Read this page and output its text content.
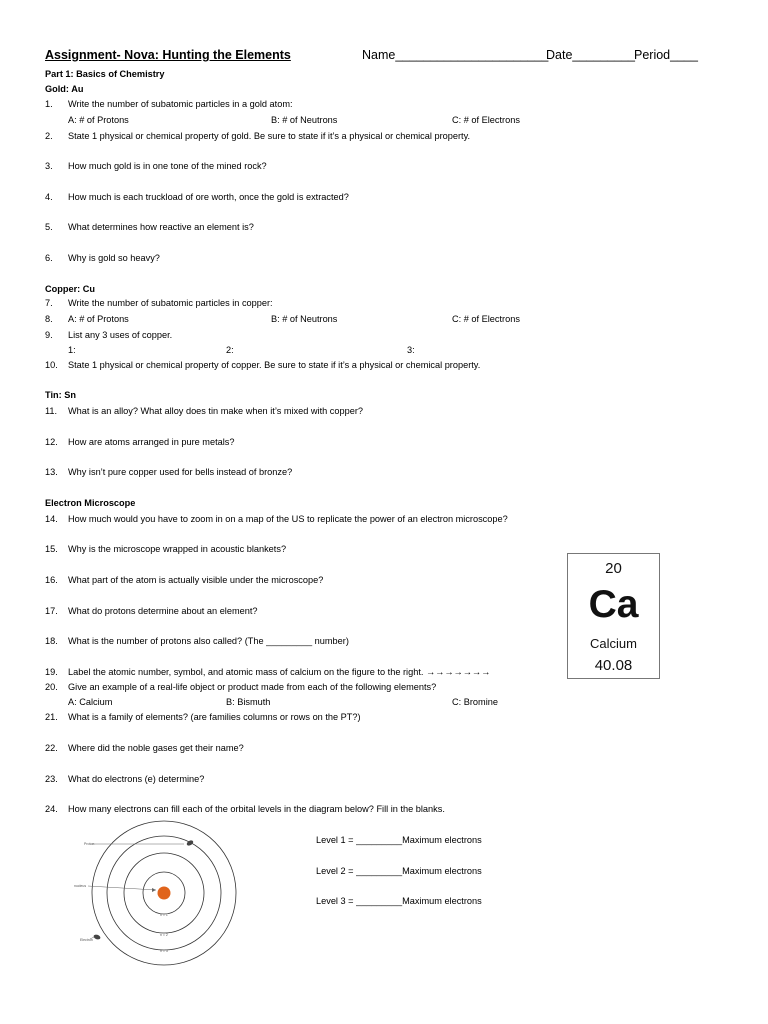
Assignment- Nova: Hunting the Elements	Name______________________
Date_________ Period____
Part 1: Basics of Chemistry
Gold: Au
1. Write the number of subatomic particles in a gold atom:
A: # of Protons	B: # of Neutrons	C: # of Electrons
2. State 1 physical or chemical property of gold. Be sure to state if it’s a physical or chemical property.
3. How much gold is in one tone of the mined rock?
4. How much is each truckload of ore worth, once the gold is extracted?
5. What determines how reactive an element is?
6. Why is gold so heavy?
Copper: Cu
7. Write the number of subatomic particles in copper:
8. A: # of Protons	B: # of Neutrons	C: # of Electrons
9. List any 3 uses of copper.
1:	2:	3:
10. State 1 physical or chemical property of copper. Be sure to state if it’s a physical or chemical property.
Tin: Sn
11. What is an alloy? What alloy does tin make when it’s mixed with copper?
12. How are atoms arranged in pure metals?
13. Why isn’t pure copper used for bells instead of bronze?
Electron Microscope
14. How much would you have to zoom in on a map of the US to replicate the power of an electron microscope?
15. Why is the microscope wrapped in acoustic blankets?
16. What part of the atom is actually visible under the microscope?
17. What do protons determine about an element?
18. What is the number of protons also called? (The _________ number)
19. Label the atomic number, symbol, and atomic mass of calcium on the figure to the right. →→→→→→→
20. Give an example of a real-life object or product made from each of the following elements?
A: Calcium	B: Bismuth	C: Bromine
21. What is a family of elements? (are families columns or rows on the PT?)
22. Where did the noble gases get their name?
23. What do electrons (e) determine?
24. How many electrons can fill each of the orbital levels in the diagram below? Fill in the blanks.
20
Ca
Calcium
40.08
Level 1 = _________Maximum electrons
Level 2 = _________Maximum electrons
Level 3 = _________Maximum electrons
Proton
nucleus
Electron
n = 1
n = 2
n = 3
